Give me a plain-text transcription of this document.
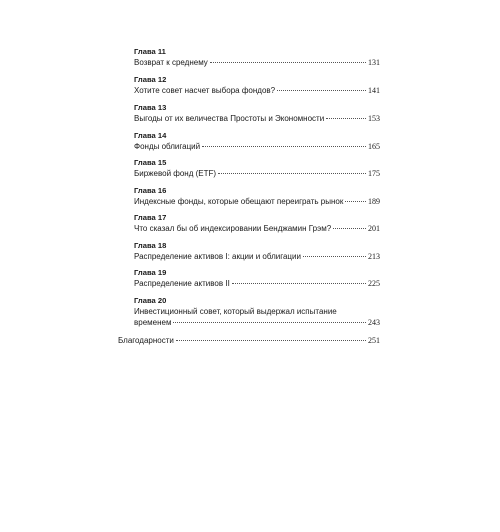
Глава 11
Возврат к среднему	131
Глава 12
Хотите совет насчет выбора фондов?	141
Глава 13
Выгоды от их величества Простоты и Экономности	153
Глава 14
Фонды облигаций	165
Глава 15
Биржевой фонд (ETF)	175
Глава 16
Индексные фонды, которые обещают переиграть рынок	189
Глава 17
Что сказал бы об индексировании Бенджамин Грэм?	201
Глава 18
Распределение активов I: акции и облигации	213
Глава 19
Распределение активов II	225
Глава 20
Инвестиционный совет, который выдержал испытание
временем	243
Благодарности	251
